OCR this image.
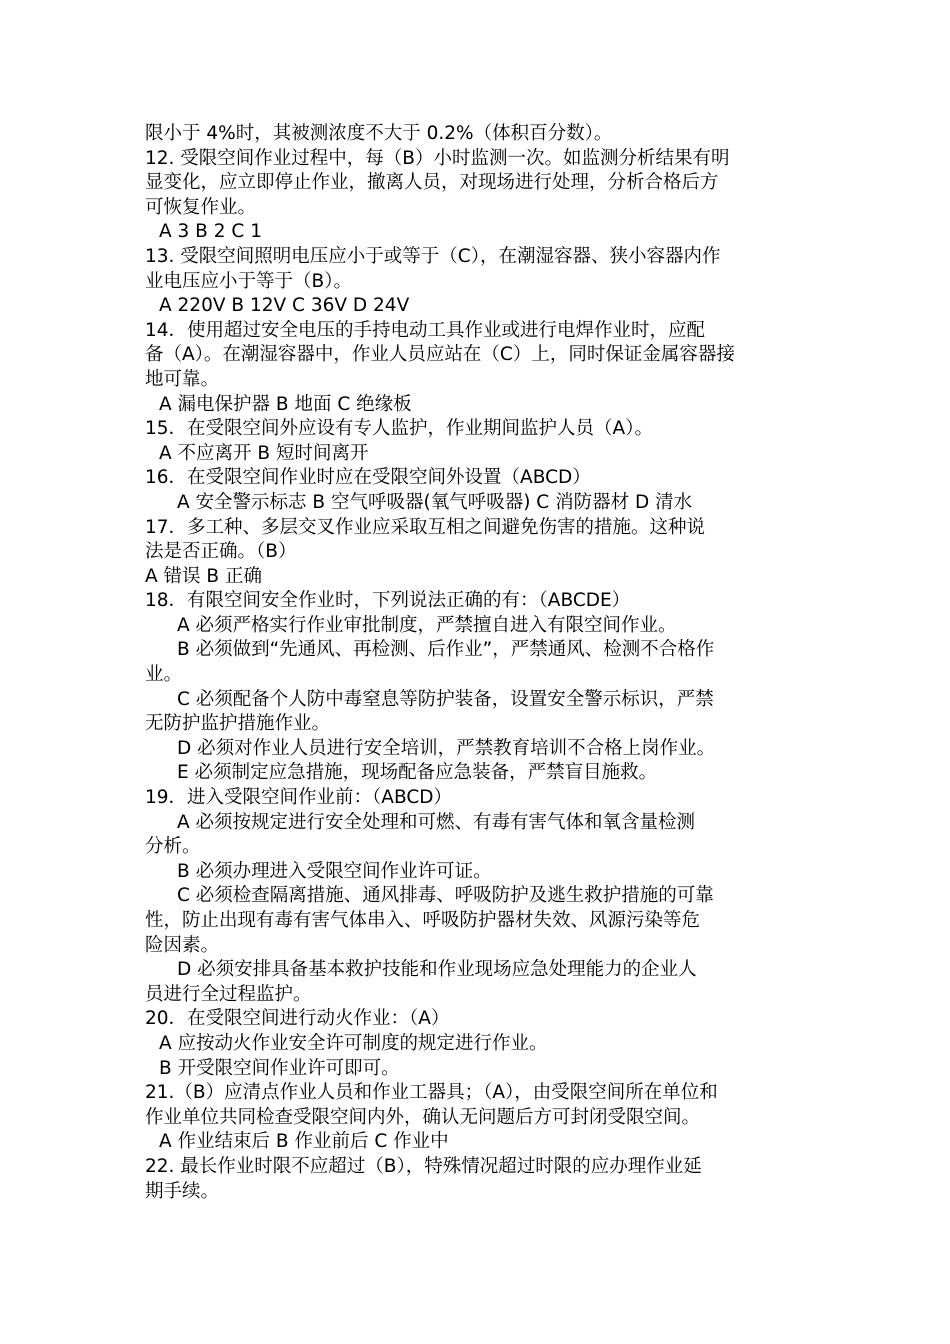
限小于 4%时，其被测浓度不大于 0.2%（体积百分数）。
12. 受限空间作业过程中，每（B）小时监测一次。如监测分析结果有明
显变化，应立即停止作业，撤离人员，对现场进行处理，分析合格后方
可恢复作业。
A 3 B 2 C 1
13. 受限空间照明电压应小于或等于（C），在潮湿容器、狭小容器内作
业电压应小于等于（B）。
A 220V B 12V C 36V D 24V
14．使用超过安全电压的手持电动工具作业或进行电焊作业时，应配
备（A）。在潮湿容器中，作业人员应站在（C）上，同时保证金属容器接
地可靠。
A 漏电保护器 B 地面 C 绝缘板
15．在受限空间外应设有专人监护，作业期间监护人员（A）。
A 不应离开 B 短时间离开
16．在受限空间作业时应在受限空间外设置（ABCD）
A 安全警示标志 B 空气呼吸器(氧气呼吸器) C 消防器材 D 清水
17．多工种、多层交叉作业应采取互相之间避免伤害的措施。这种说
法是否正确。（B）
A 错误 B 正确
18．有限空间安全作业时，下列说法正确的有：（ABCDE）
A 必须严格实行作业审批制度，严禁擅自进入有限空间作业。
B 必须做到“先通风、再检测、后作业”，严禁通风、检测不合格作
业。
C 必须配备个人防中毒窒息等防护装备，设置安全警示标识，严禁
无防护监护措施作业。
D 必须对作业人员进行安全培训，严禁教育培训不合格上岗作业。
E 必须制定应急措施，现场配备应急装备，严禁盲目施救。
19．进入受限空间作业前：（ABCD）
A 必须按规定进行安全处理和可燃、有毒有害气体和氧含量检测
分析。
B 必须办理进入受限空间作业许可证。
C 必须检查隔离措施、通风排毒、呼吸防护及逃生救护措施的可靠
性，防止出现有毒有害气体串入、呼吸防护器材失效、风源污染等危
险因素。
D 必须安排具备基本救护技能和作业现场应急处理能力的企业人
员进行全过程监护。
20．在受限空间进行动火作业：（A）
A 应按动火作业安全许可制度的规定进行作业。
B 开受限空间作业许可即可。
21.（B）应清点作业人员和作业工器具；（A），由受限空间所在单位和
作业单位共同检查受限空间内外，确认无问题后方可封闭受限空间。
A 作业结束后 B 作业前后 C 作业中
22. 最长作业时限不应超过（B），特殊情况超过时限的应办理作业延
期手续。
